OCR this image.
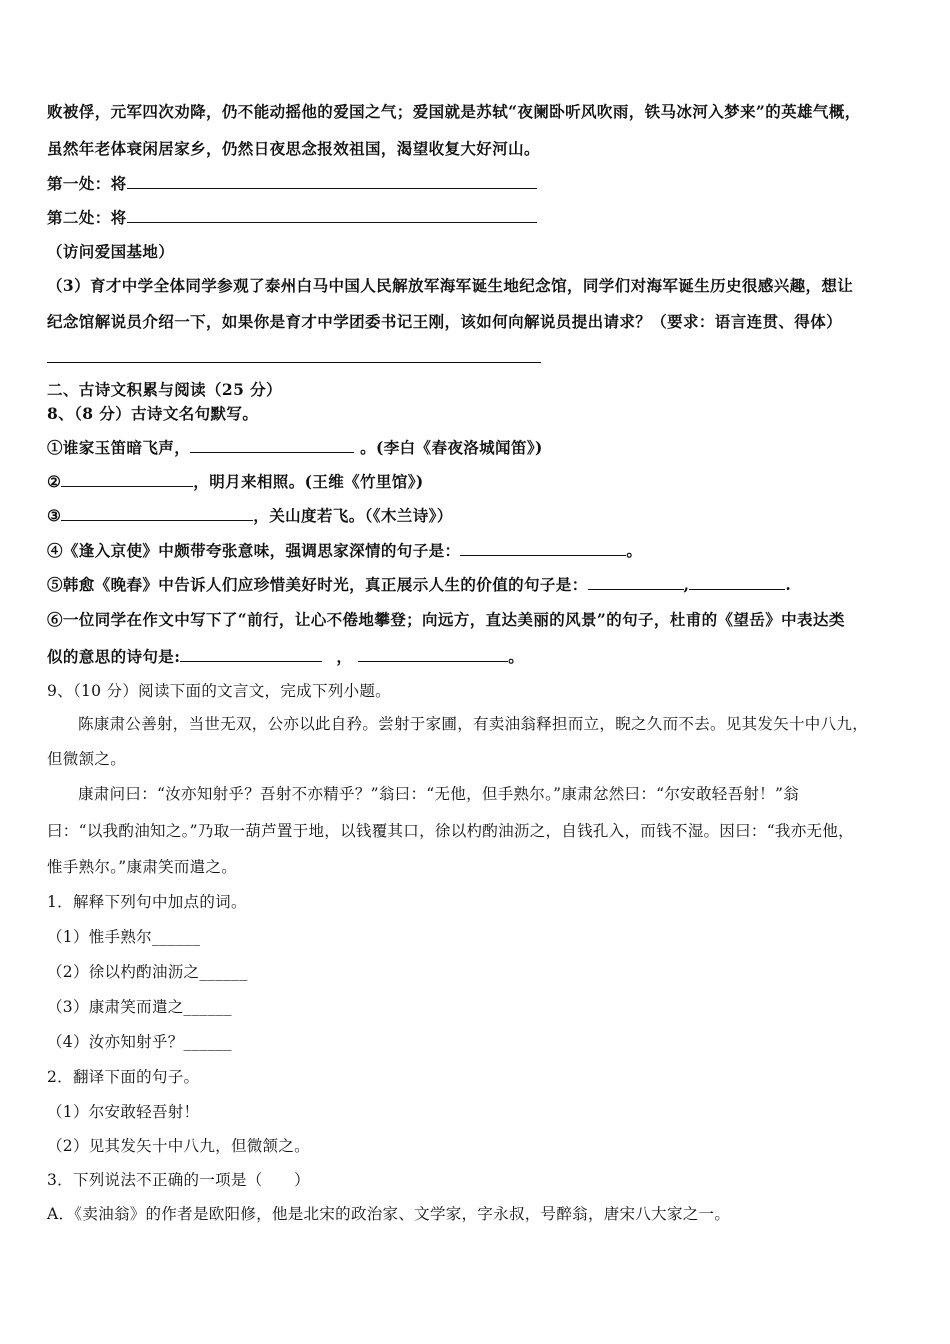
败被俘，元军四次劝降，仍不能动摇他的爱国之气；爱国就是苏轼“夜阑卧听风吹雨，铁马冰河入梦来”的英雄气概，
虽然年老体衰闲居家乡，仍然日夜思念报效祖国，渴望收复大好河山。
第一处：将
第二处：将
（访问爱国基地）
（3）育才中学全体同学参观了泰州白马中国人民解放军海军诞生地纪念馆，同学们对海军诞生历史很感兴趣，想让
纪念馆解说员介绍一下，如果你是育才中学团委书记王刚，该如何向解说员提出请求？（要求：语言连贯、得体）
二、古诗文积累与阅读（25 分）
8、（8 分）古诗文名句默写。
①谁家玉笛暗飞声，	。(李白《春夜洛城闻笛》)
②	，明月来相照。(王维《竹里馆》)
③	，关山度若飞。（《木兰诗》）
④《逢入京使》中颇带夸张意味，强调思家深情的句子是：	。
⑤韩愈《晚春》中告诉人们应珍惜美好时光，真正展示人生的价值的句子是：	,	.
⑥一位同学在作文中写下了“前行，让心不倦地攀登；向远方，直达美丽的风景”的句子，杜甫的《望岳》中表达类
似的意思的诗句是:	，	。
9、（10 分）阅读下面的文言文，完成下列小题。
陈康肃公善射，当世无双，公亦以此自矜。尝射于家圃，有卖油翁释担而立，睨之久而不去。见其发矢十中八九，
但微颔之。
康肃问曰：“汝亦知射乎？吾射不亦精乎？”翁曰：“无他，但手熟尔。”康肃忿然曰：“尔安敢轻吾射！”翁
曰：“以我酌油知之。”乃取一葫芦置于地，以钱覆其口，徐以杓酌油沥之，自钱孔入，而钱不湿。因曰：“我亦无他，
惟手熟尔。”康肃笑而遣之。
1．解释下列句中加点的词。
（1）惟手熟尔______
（2）徐以杓酌油沥之______
（3）康肃笑而遣之______
（4）汝亦知射乎？______
2．翻译下面的句子。
（1）尔安敢轻吾射！
（2）见其发矢十中八九，但微颔之。
3．下列说法不正确的一项是（　　）
A．《卖油翁》的作者是欧阳修，他是北宋的政治家、文学家，字永叔，号醉翁，唐宋八大家之一。
